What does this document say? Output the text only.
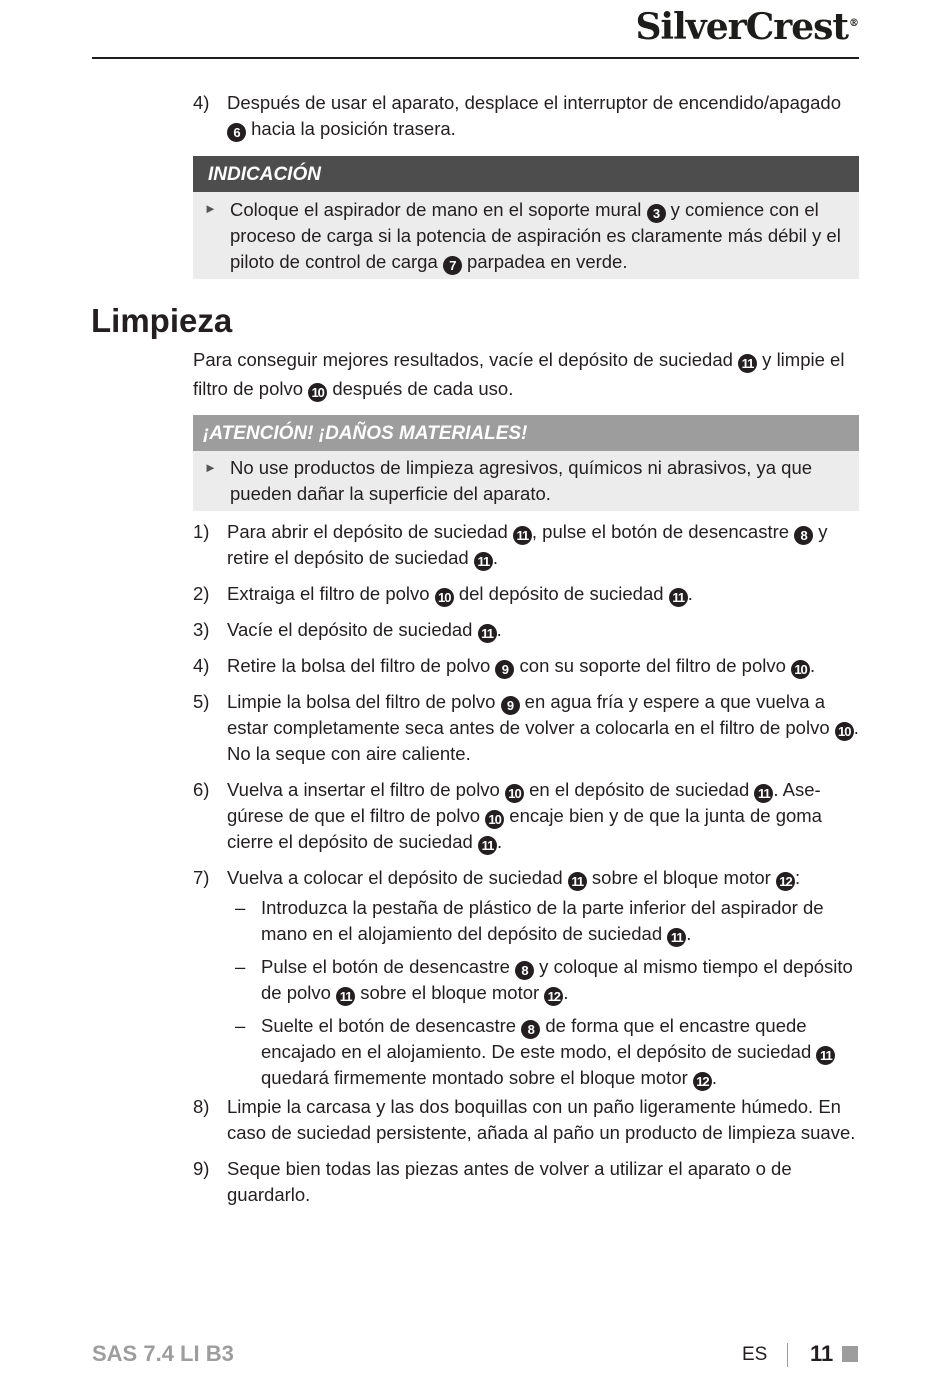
SilverCrest®
4) Después de usar el aparato, desplace el interruptor de encendido/apagado 6 hacia la posición trasera.
INDICACIÓN
► Coloque el aspirador de mano en el soporte mural 3 y comience con el proceso de carga si la potencia de aspiración es claramente más débil y el piloto de control de carga 7 parpadea en verde.
Limpieza
Para conseguir mejores resultados, vacíe el depósito de suciedad 11 y limpie el filtro de polvo 10 después de cada uso.
¡ATENCIÓN! ¡DAÑOS MATERIALES!
► No use productos de limpieza agresivos, químicos ni abrasivos, ya que pueden dañar la superficie del aparato.
1) Para abrir el depósito de suciedad 11 , pulse el botón de desencastre 8 y retire el depósito de suciedad 11 .
2) Extraiga el filtro de polvo 10 del depósito de suciedad 11 .
3) Vacíe el depósito de suciedad 11 .
4) Retire la bolsa del filtro de polvo 9 con su soporte del filtro de polvo 10 .
5) Limpie la bolsa del filtro de polvo 9 en agua fría y espere a que vuelva a estar completamente seca antes de volver a colocarla en el filtro de polvo 10 . No la seque con aire caliente.
6) Vuelva a insertar el filtro de polvo 10 en el depósito de suciedad 11 . Ase-gúrese de que el filtro de polvo 10 encaje bien y de que la junta de goma cierre el depósito de suciedad 11 .
7) Vuelva a colocar el depósito de suciedad 11 sobre el bloque motor 12 :
– Introduzca la pestaña de plástico de la parte inferior del aspirador de mano en el alojamiento del depósito de suciedad 11 .
– Pulse el botón de desencastre 8 y coloque al mismo tiempo el depósito de polvo 11 sobre el bloque motor 12 .
– Suelte el botón de desencastre 8 de forma que el encastre quede encajado en el alojamiento. De este modo, el depósito de suciedad 11 quedará firmemente montado sobre el bloque motor 12 .
8) Limpie la carcasa y las dos boquillas con un paño ligeramente húmedo. En caso de suciedad persistente, añada al paño un producto de limpieza suave.
9) Seque bien todas las piezas antes de volver a utilizar el aparato o de guardarlo.
SAS 7.4 LI B3	ES 11
